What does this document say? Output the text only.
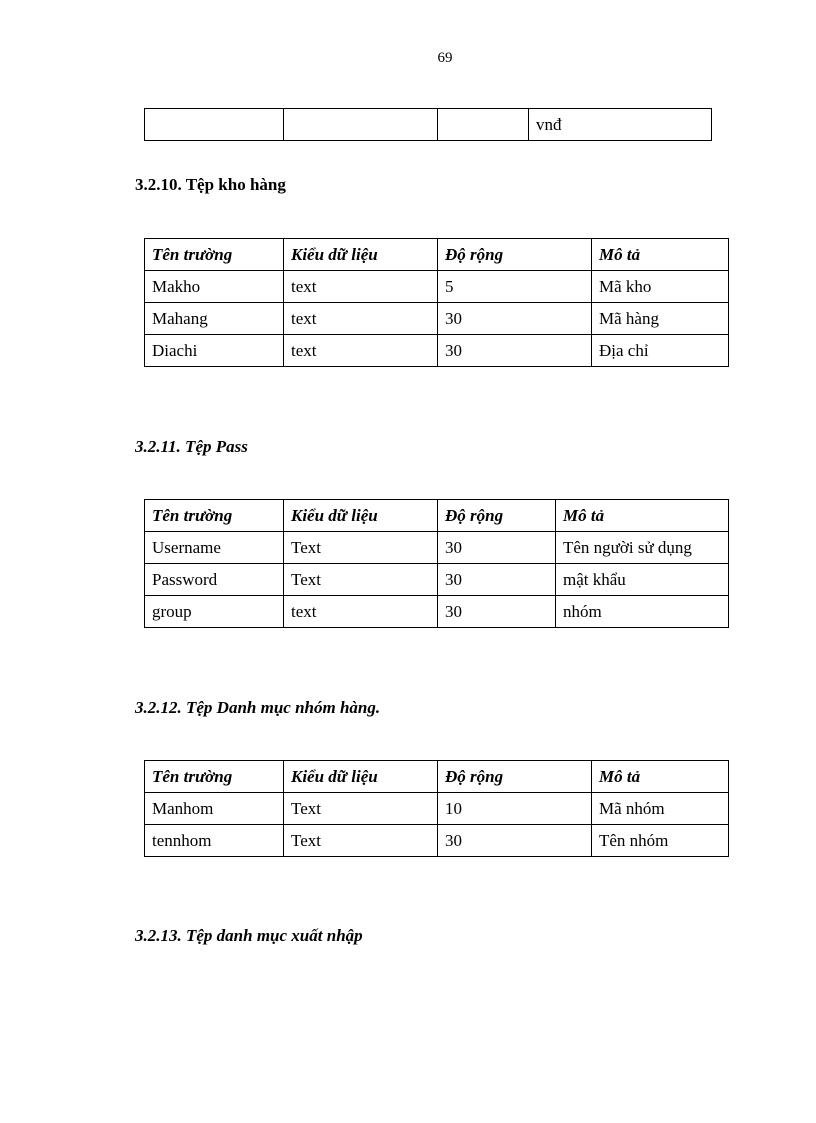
69
			vnđ

3.2.10. Tệp kho hàng

Tên trường	Kiểu dữ liệu	Độ rộng	Mô tả
Makho	text	5	Mã kho
Mahang	text	30	Mã hàng
Diachi	text	30	Địa chỉ

3.2.11. Tệp Pass

Tên trường	Kiểu dữ liệu	Độ rộng	Mô tả
Username	Text	30	Tên người sử dụng
Password	Text	30	mật khẩu
group	text	30	nhóm

3.2.12. Tệp Danh mục nhóm hàng.

Tên trường	Kiểu dữ liệu	Độ rộng	Mô tả
Manhom	Text	10	Mã nhóm
tennhom	Text	30	Tên nhóm

3.2.13. Tệp danh mục xuất nhập
